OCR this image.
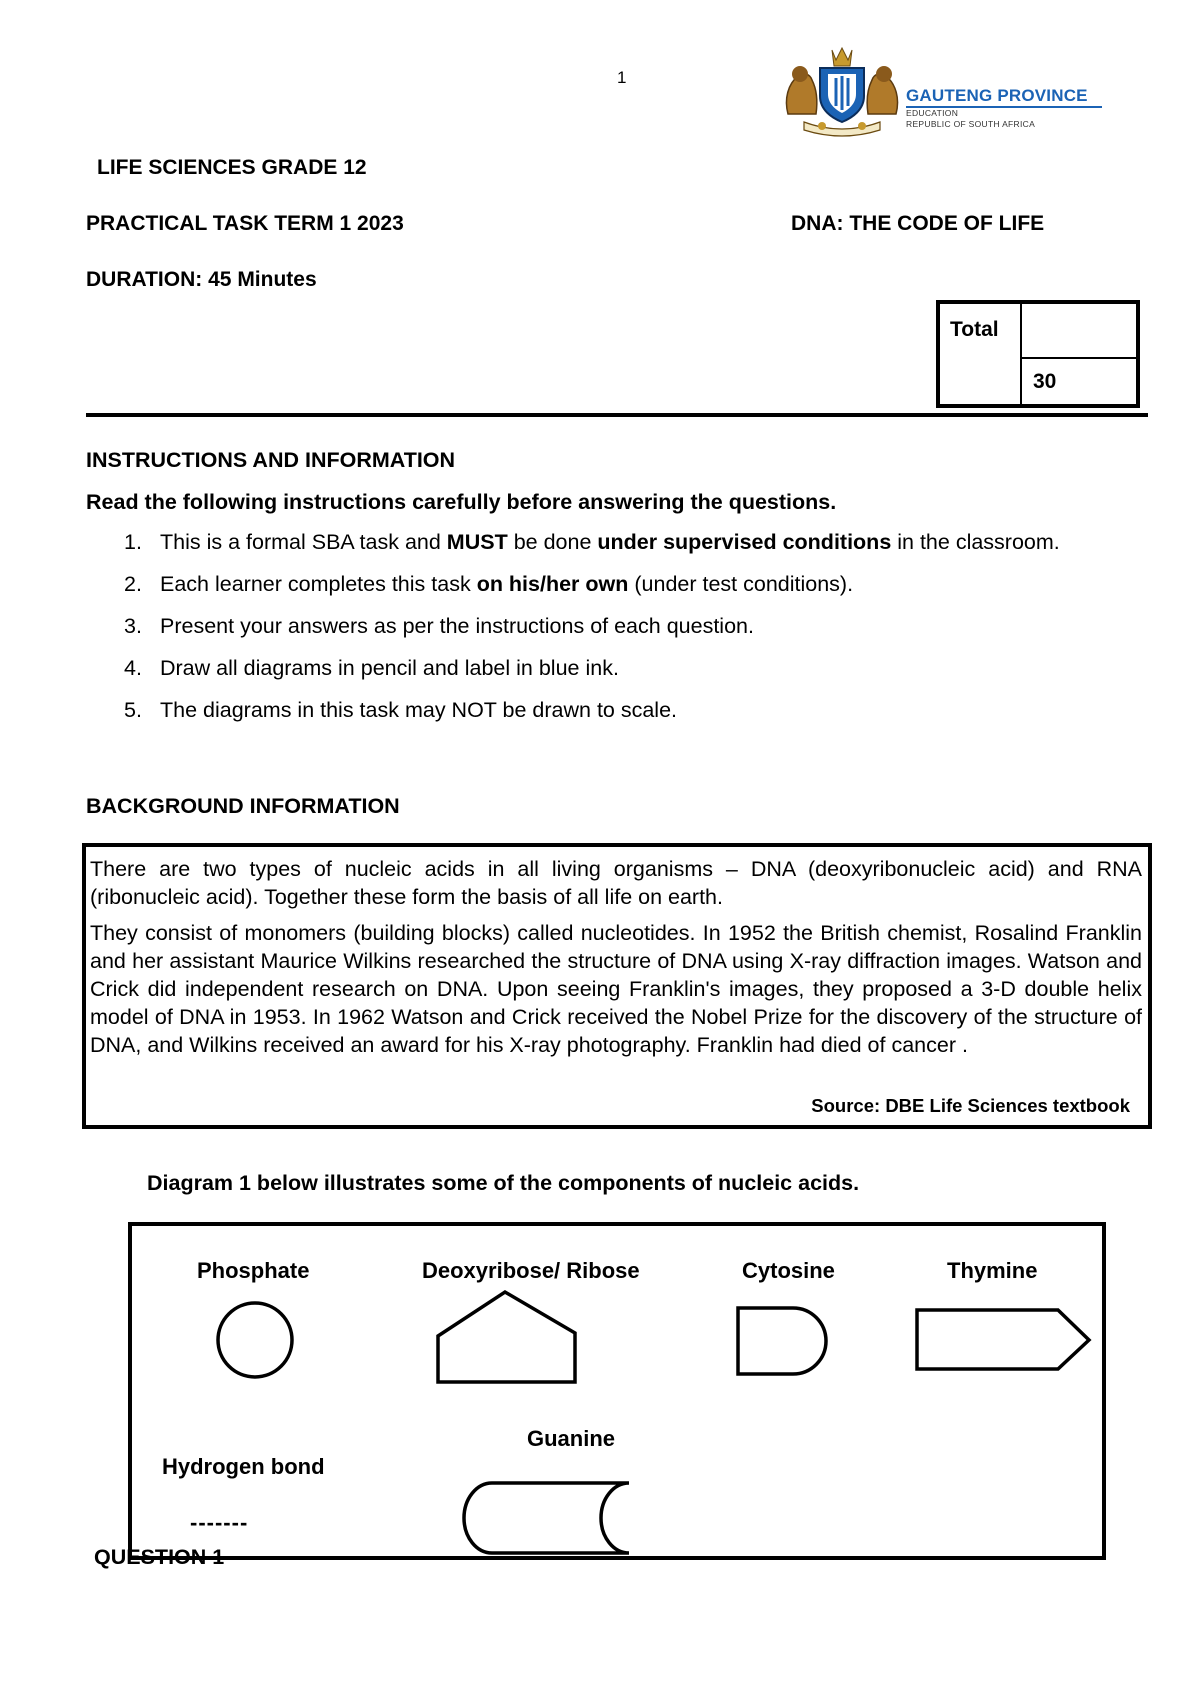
1
GAUTENG PROVINCE
EDUCATION
REPUBLIC OF SOUTH AFRICA
LIFE SCIENCES GRADE 12
PRACTICAL TASK TERM 1 2023	DNA: THE CODE OF LIFE
DURATION: 45 Minutes
Total
30
INSTRUCTIONS AND INFORMATION
Read the following instructions carefully before answering the questions.
1. This is a formal SBA task and MUST be done under supervised conditions in the classroom.
2. Each learner completes this task on his/her own (under test conditions).
3. Present your answers as per the instructions of each question.
4. Draw all diagrams in pencil and label in blue ink.
5. The diagrams in this task may NOT be drawn to scale.
BACKGROUND INFORMATION

There are two types of nucleic acids in all living organisms – DNA (deoxyribonucleic acid) and RNA (ribonucleic acid). Together these form the basis of all life on earth.

They consist of monomers (building blocks) called nucleotides. In 1952 the British chemist, Rosalind Franklin and her assistant Maurice Wilkins researched the structure of DNA using X-ray diffraction images. Watson and Crick did independent research on DNA. Upon seeing Franklin's images, they proposed a 3-D double helix model of DNA in 1953. In 1962 Watson and Crick received the Nobel Prize for the discovery of the structure of DNA, and Wilkins received an award for his X-ray photography. Franklin had died of cancer .

Source: DBE Life Sciences textbook
Diagram 1 below illustrates some of the components of nucleic acids.
Phosphate	Deoxyribose/ Ribose	Cytosine	Thymine
Guanine
Hydrogen bond
-------
QUESTION 1
